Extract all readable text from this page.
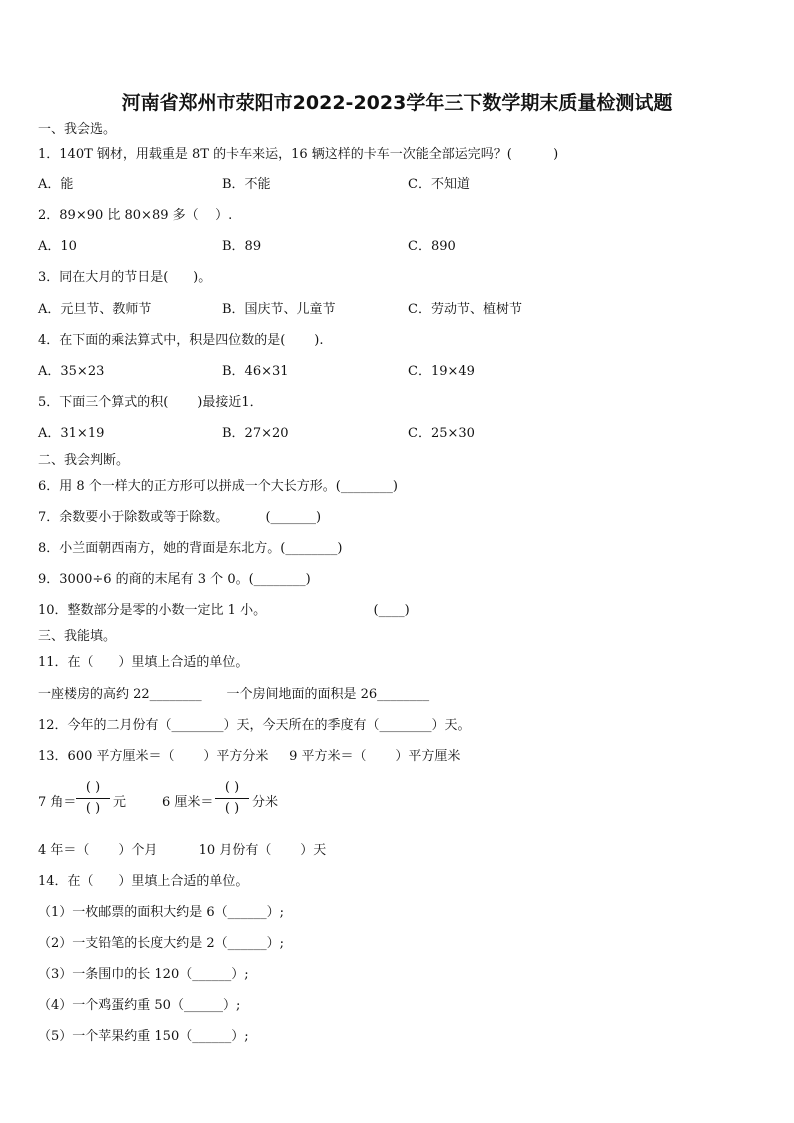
河南省郑州市荥阳市2022-2023学年三下数学期末质量检测试题
一、我会选。
1．140T 钢材，用载重是 8T 的卡车来运，16 辆这样的卡车一次能全部运完吗？(          )
A．能	B．不能	C．不知道
2．89×90 比 80×89 多（    ）.
A．10	B．89	C．890
3．同在大月的节日是(      )。
A．元旦节、教师节	B．国庆节、儿童节	C．劳动节、植树节
4．在下面的乘法算式中，积是四位数的是(       ).
A．35×23	B．46×31	C．19×49
5．下面三个算式的积(       )最接近1．
A．31×19	B．27×20	C．25×30
二、我会判断。
6．用 8 个一样大的正方形可以拼成一个大长方形。(________)
7．余数要小于除数或等于除数。         (_______)
8．小兰面朝西南方，她的背面是东北方。(________)
9．3000÷6 的商的末尾有 3 个 0。(________)
10．整数部分是零的小数一定比 1 小。                          (____)
三、我能填。
11．在（      ）里填上合适的单位。
一座楼房的高约 22________      一个房间地面的面积是 26________
12．今年的二月份有（________）天，今天所在的季度有（________）天。
13．600 平方厘米＝（       ）平方分米     9 平方米＝（       ）平方厘米
7 角＝
( )
( ) 元	6 厘米＝
( )
( ) 分米
4 年＝（       ）个月          10 月份有（       ）天
14．在（      ）里填上合适的单位。
（1）一枚邮票的面积大约是 6（______）;
（2）一支铅笔的长度大约是 2（______）;
（3）一条围巾的长 120（______）;
（4）一个鸡蛋约重 50（______）;
（5）一个苹果约重 150（______）;
